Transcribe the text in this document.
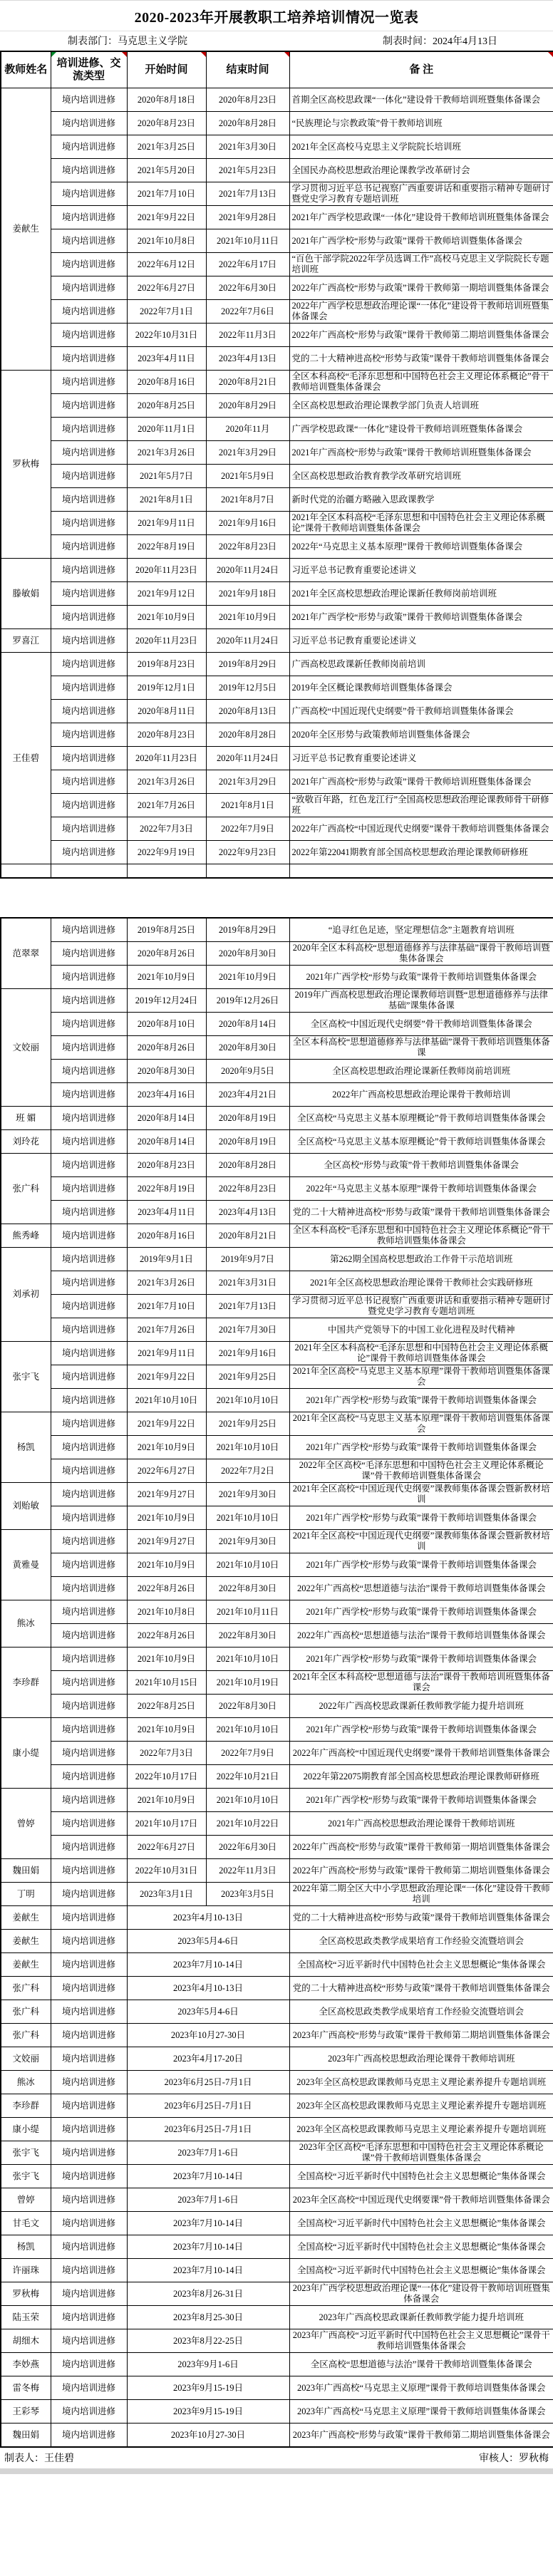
2020-2023年开展教职工培养培训情况一览表
制表部门：马克思主义学院	制表时间：2024年4月13日
教师姓名	培训进修、交流类型	开始时间	结束时间	备 注

姜献生	境内培训进修	2020年8月18日	2020年8月23日	首期全区高校思政课“一体化”建设骨干教师培训班暨集体备课会
	境内培训进修	2020年8月23日	2020年8月28日	“民族理论与宗教政策”骨干教师培训班
	境内培训进修	2021年3月25日	2021年3月30日	2021年全区高校马克思主义学院院长培训班
	境内培训进修	2021年5月20日	2021年5月23日	全国民办高校思想政治理论课教学改革研讨会
	境内培训进修	2021年7月10日	2021年7月13日	学习贯彻习近平总书记视察广西重要讲话和重要指示精神专题研讨暨党史学习教育专题培训班
	境内培训进修	2021年9月22日	2021年9月28日	2021年广西学校思政课“一体化”建设骨干教师培训班暨集体备课会
	境内培训进修	2021年10月8日	2021年10月11日	2021年广西学校“形势与政策”课骨干教师培训暨集体备课会
	境内培训进修	2022年6月12日	2022年6月17日	“百色干部学院2022年学员选调工作”高校马克思主义学院院长专题培训班
	境内培训进修	2022年6月27日	2022年6月30日	2022年广西高校“形势与政策”课骨干教师第一期培训暨集体备课会
	境内培训进修	2022年7月1日	2022年7月6日	2022年广西学校思想政治理论课“一体化”建设骨干教师培训班暨集体备课会
	境内培训进修	2022年10月31日	2022年11月3日	2022年广西高校“形势与政策”课骨干教师第二期培训暨集体备课会
	境内培训进修	2023年4月11日	2023年4月13日	党的二十大精神进高校“形势与政策”课骨干教师培训暨集体备课会
罗秋梅	境内培训进修	2020年8月16日	2020年8月21日	全区本科高校“毛泽东思想和中国特色社会主义理论体系概论”骨干教师培训暨集体备课会
	境内培训进修	2020年8月25日	2020年8月29日	全区高校思想政治理论课教学部门负责人培训班
	境内培训进修	2020年11月1日	2020年11月	广西学校思政课“一体化”建设骨干教师培训班暨集体备课会
	境内培训进修	2021年3月26日	2021年3月29日	2021年广西高校“形势与政策”课骨干教师培训班暨集体备课会
	境内培训进修	2021年5月7日	2021年5月9日	全区高校思想政治教育教学改革研究培训班
	境内培训进修	2021年8月1日	2021年8月7日	新时代党的治疆方略融入思政课教学
	境内培训进修	2021年9月11日	2021年9月16日	2021年全区本科高校“毛泽东思想和中国特色社会主义理论体系概论”课骨干教师培训暨集体备课会
	境内培训进修	2022年8月19日	2022年8月23日	2022年“马克思主义基本原理”课骨干教师培训暨集体备课会
滕敏娟	境内培训进修	2020年11月23日	2020年11月24日	习近平总书记教育重要论述讲义
	境内培训进修	2021年9月12日	2021年9月18日	2021年全区高校思想政治理论课新任教师岗前培训班
	境内培训进修	2021年10月9日	2021年10月9日	2021年广西学校“形势与政策”课骨干教师培训暨集体备课会
罗喜江	境内培训进修	2020年11月23日	2020年11月24日	习近平总书记教育重要论述讲义
王佳碧	境内培训进修	2019年8月23日	2019年8月29日	广西高校思政课新任教师岗前培训
	境内培训进修	2019年12月1日	2019年12月5日	2019年全区概论课教师培训暨集体备课会
	境内培训进修	2020年8月11日	2020年8月13日	广西高校“中国近现代史纲要”骨干教师培训暨集体备课会
	境内培训进修	2020年8月23日	2020年8月28日	2020年全区形势与政策教师培训暨集体备课会
	境内培训进修	2020年11月23日	2020年11月24日	习近平总书记教育重要论述讲义
	境内培训进修	2021年3月26日	2021年3月29日	2021年广西高校“形势与政策”课骨干教师培训班暨集体备课会
	境内培训进修	2021年7月26日	2021年8月1日	“致敬百年路，红色龙江行”全国高校思想政治理论课教师骨干研修班
	境内培训进修	2022年7月3日	2022年7月9日	2022年广西高校“中国近现代史纲要”课骨干教师培训暨集体备课会
	境内培训进修	2022年9月19日	2022年9月23日	2022年第22041期教育部全国高校思想政治理论课教师研修班

范翠翠	境内培训进修	2019年8月25日	2019年8月29日	“追寻红色足迹，坚定理想信念”主题教育培训班
	境内培训进修	2020年8月26日	2020年8月30日	2020年全区本科高校“思想道德修养与法律基础”课骨干教师培训暨集体备课会
	境内培训进修	2021年10月9日	2021年10月9日	2021年广西学校“形势与政策”课骨干教师培训暨集体备课会
文姣丽	境内培训进修	2019年12月24日	2019年12月26日	2019年广西高校思想政治理论课教师培训暨“思想道德修养与法律基础”课集体备课
	境内培训进修	2020年8月10日	2020年8月14日	全区高校“中国近现代史纲要”骨干教师培训暨集体备课会
	境内培训进修	2020年8月26日	2020年8月30日	全区本科高校“思想道德修养与法律基础”课骨干教师培训暨集体备课
	境内培训进修	2020年8月30日	2020年9月5日	全区高校思想政治理论课新任教师岗前培训班
	境内培训进修	2023年4月16日	2023年4月21日	2022年广西高校思想政治理论课骨干教师培训
班 媚	境内培训进修	2020年8月14日	2020年8月19日	全区高校“马克思主义基本原理概论”骨干教师培训暨集体备课会
刘玲花	境内培训进修	2020年8月14日	2020年8月19日	全区高校“马克思主义基本原理概论”骨干教师培训暨集体备课会
张广科	境内培训进修	2020年8月23日	2020年8月28日	全区高校“形势与政策”骨干教师培训暨集体备课会
	境内培训进修	2022年8月19日	2022年8月23日	2022年“马克思主义基本原理”课骨干教师培训暨集体备课会
	境内培训进修	2023年4月11日	2023年4月13日	党的二十大精神进高校“形势与政策”课骨干教师培训暨集体备课会
熊秀峰	境内培训进修	2020年8月16日	2020年8月21日	全区本科高校“毛泽东思想和中国特色社会主义理论体系概论”骨干教师培训暨集体备课会
刘承初	境内培训进修	2019年9月1日	2019年9月7日	第262期全国高校思想政治工作骨干示范培训班
	境内培训进修	2021年3月26日	2021年3月31日	2021年全区高校思想政治理论课骨干教师社会实践研修班
	境内培训进修	2021年7月10日	2021年7月13日	学习贯彻习近平总书记视察广西重要讲话和重要指示精神专题研讨暨党史学习教育专题培训班
	境内培训进修	2021年7月26日	2021年7月30日	中国共产党领导下的中国工业化进程及时代精神
张宇飞	境内培训进修	2021年9月11日	2021年9月16日	2021年全区本科高校“毛泽东思想和中国特色社会主义理论体系概论”课骨干教师培训暨集体备课会
	境内培训进修	2021年9月22日	2021年9月25日	2021年全区高校“马克思主义基本原理”课骨干教师培训暨集体备课会
	境内培训进修	2021年10月10日	2021年10月10日	2021年广西学校“形势与政策”课骨干教师培训暨集体备课会
杨凯	境内培训进修	2021年9月22日	2021年9月25日	2021年全区高校“马克思主义基本原理”课骨干教师培训暨集体备课会
	境内培训进修	2021年10月9日	2021年10月10日	2021年广西学校“形势与政策”课骨干教师培训暨集体备课会
	境内培训进修	2022年6月27日	2022年7月2日	2022年全区高校“毛泽东思想和中国特色社会主义理论体系概论课”骨干教师培训暨集体备课会
刘贻敏	境内培训进修	2021年9月27日	2021年9月30日	2021年全区高校“中国近现代史纲要”课教师集体备课会暨新教材培训
	境内培训进修	2021年10月9日	2021年10月10日	2021年广西学校“形势与政策”课骨干教师培训暨集体备课会
黄雅曼	境内培训进修	2021年9月27日	2021年9月30日	2021年全区高校“中国近现代史纲要”课教师集体备课会暨新教材培训
	境内培训进修	2021年10月9日	2021年10月10日	2021年广西学校“形势与政策”课骨干教师培训暨集体备课会
	境内培训进修	2022年8月26日	2022年8月30日	2022年广西高校“思想道德与法治”课骨干教师培训暨集体备课会
熊冰	境内培训进修	2021年10月8日	2021年10月11日	2021年广西学校“形势与政策”课骨干教师培训暨集体备课会
	境内培训进修	2022年8月26日	2022年8月30日	2022年广西高校“思想道德与法治”课骨干教师培训暨集体备课会
李珍群	境内培训进修	2021年10月9日	2021年10月10日	2021年广西学校“形势与政策”课骨干教师培训暨集体备课会
	境内培训进修	2021年10月15日	2021年10月19日	2021年全区本科高校“思想道德与法治”课骨干教师培训班暨集体备课会
	境内培训进修	2022年8月25日	2022年8月30日	2022年广西高校思政课新任教师教学能力提升培训班
康小缇	境内培训进修	2021年10月9日	2021年10月10日	2021年广西学校“形势与政策”课骨干教师培训暨集体备课会
	境内培训进修	2022年7月3日	2022年7月9日	2022年广西高校“中国近现代史纲要”课骨干教师培训暨集体备课会
	境内培训进修	2022年10月17日	2022年10月21日	2022年第22075期教育部全国高校思想政治理论课教师研修班
曾婷	境内培训进修	2021年10月9日	2021年10月10日	2021年广西学校“形势与政策”课骨干教师培训暨集体备课会
	境内培训进修	2021年10月17日	2021年10月22日	2021年广西高校思想政治理论课骨干教师培训班
	境内培训进修	2022年6月27日	2022年6月30日	2022年广西高校“形势与政策”课骨干教师第一期培训暨集体备课会
魏田娟	境内培训进修	2022年10月31日	2022年11月3日	2022年广西高校“形势与政策”课骨干教师第二期培训暨集体备课会
丁明	境内培训进修	2023年3月1日	2023年3月5日	2022年第二期全区大中小学思想政治理论课“一体化”建设骨干教师培训
姜献生	境内培训进修	2023年4月10-13日		党的二十大精神进高校“形势与政策”课骨干教师培训暨集体备课会
姜献生	境内培训进修	2023年5月4-6日		全区高校思政类教学成果培育工作经验交流暨培训会
姜献生	境内培训进修	2023年7月10-14日		全国高校“习近平新时代中国特色社会主义思想概论”集体备课会
张广科	境内培训进修	2023年4月10-13日		党的二十大精神进高校“形势与政策”课骨干教师培训暨集体备课会
张广科	境内培训进修	2023年5月4-6日		全区高校思政类教学成果培育工作经验交流暨培训会
张广科	境内培训进修	2023年10月27-30日		2023年广西高校“形势与政策”课骨干教师第二期培训暨集体备课会
文姣丽	境内培训进修	2023年4月17-20日		2023年广西高校思想政治理论课骨干教师培训班
熊冰	境内培训进修	2023年6月25日-7月1日		2023年全区高校思政课教师马克思主义理论素养提升专题培训班
李珍群	境内培训进修	2023年6月25日-7月1日		2023年全区高校思政课教师马克思主义理论素养提升专题培训班
康小缇	境内培训进修	2023年6月25日-7月1日		2023年全区高校思政课教师马克思主义理论素养提升专题培训班
张宇飞	境内培训进修	2023年7月1-6日		2023年全区高校“毛泽东思想和中国特色社会主义理论体系概论课”骨干教师培训暨集体备课会
张宇飞	境内培训进修	2023年7月10-14日		全国高校“习近平新时代中国特色社会主义思想概论”集体备课会
曾婷	境内培训进修	2023年7月1-6日		2023年全区高校“中国近现代史纲要课”骨干教师培训暨集体备课会
甘毛文	境内培训进修	2023年7月10-14日		全国高校“习近平新时代中国特色社会主义思想概论”集体备课会
杨凯	境内培训进修	2023年7月10-14日		全国高校“习近平新时代中国特色社会主义思想概论”集体备课会
许丽珠	境内培训进修	2023年7月10-14日		全国高校“习近平新时代中国特色社会主义思想概论”集体备课会
罗秋梅	境内培训进修	2023年8月26-31日		2023年广西学校思想政治理论课“一体化”建设骨干教师培训班暨集体备课会
陆玉荣	境内培训进修	2023年8月25-30日		2023年广西高校思政课新任教师教学能力提升培训班
胡细木	境内培训进修	2023年8月22-25日		2023年广西高校“习近平新时代中国特色社会主义思想概论”课骨干教师培训暨集体备课会
李妙燕	境内培训进修	2023年9月1-6日		全区高校“思想道德与法治”课骨干教师培训暨集体备课会
雷冬梅	境内培训进修	2023年9月15-19日		2023年广西高校“马克思主义原理”课骨干教师培训暨集体备课会
王彩琴	境内培训进修	2023年9月15-19日		2023年广西高校“马克思主义原理”课骨干教师培训暨集体备课会
魏田娟	境内培训进修	2023年10月27-30日		2023年广西高校“形势与政策”课骨干教师第二期培训暨集体备课会
制表人：王佳碧	审核人：罗秋梅
